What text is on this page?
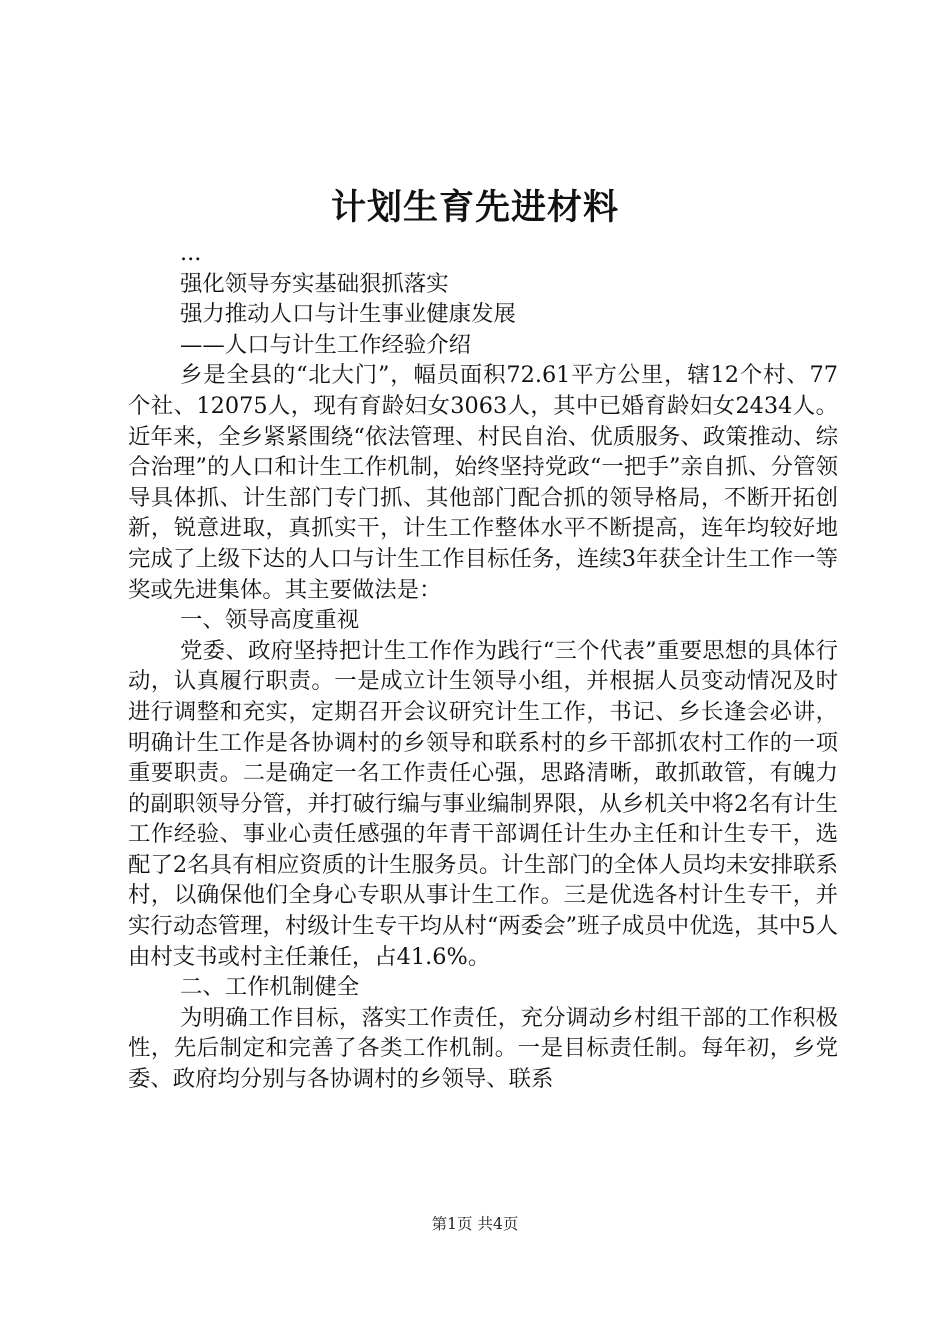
计划生育先进材料
...
强化领导夯实基础狠抓落实
强力推动人口与计生事业健康发展
——人口与计生工作经验介绍
乡是全县的“北大门”，幅员面积72.61平方公里，辖12个村、77个社、12075人，现有育龄妇女3063人，其中已婚育龄妇女2434人。近年来，全乡紧紧围绕“依法管理、村民自治、优质服务、政策推动、综合治理”的人口和计生工作机制，始终坚持党政“一把手”亲自抓、分管领导具体抓、计生部门专门抓、其他部门配合抓的领导格局，不断开拓创新，锐意进取，真抓实干，计生工作整体水平不断提高，连年均较好地完成了上级下达的人口与计生工作目标任务，连续3年获全计生工作一等奖或先进集体。其主要做法是：
一、领导高度重视
党委、政府坚持把计生工作作为践行“三个代表”重要思想的具体行动，认真履行职责。一是成立计生领导小组，并根据人员变动情况及时进行调整和充实，定期召开会议研究计生工作，书记、乡长逢会必讲，明确计生工作是各协调村的乡领导和联系村的乡干部抓农村工作的一项重要职责。二是确定一名工作责任心强，思路清晰，敢抓敢管，有魄力的副职领导分管，并打破行编与事业编制界限，从乡机关中将2名有计生工作经验、事业心责任感强的年青干部调任计生办主任和计生专干，选配了2名具有相应资质的计生服务员。计生部门的全体人员均未安排联系村，以确保他们全身心专职从事计生工作。三是优选各村计生专干，并实行动态管理，村级计生专干均从村“两委会”班子成员中优选，其中5人由村支书或村主任兼任，占41.6%。
二、工作机制健全
为明确工作目标，落实工作责任，充分调动乡村组干部的工作积极性，先后制定和完善了各类工作机制。一是目标责任制。每年初，乡党委、政府均分别与各协调村的乡领导、联系
第1页 共4页
